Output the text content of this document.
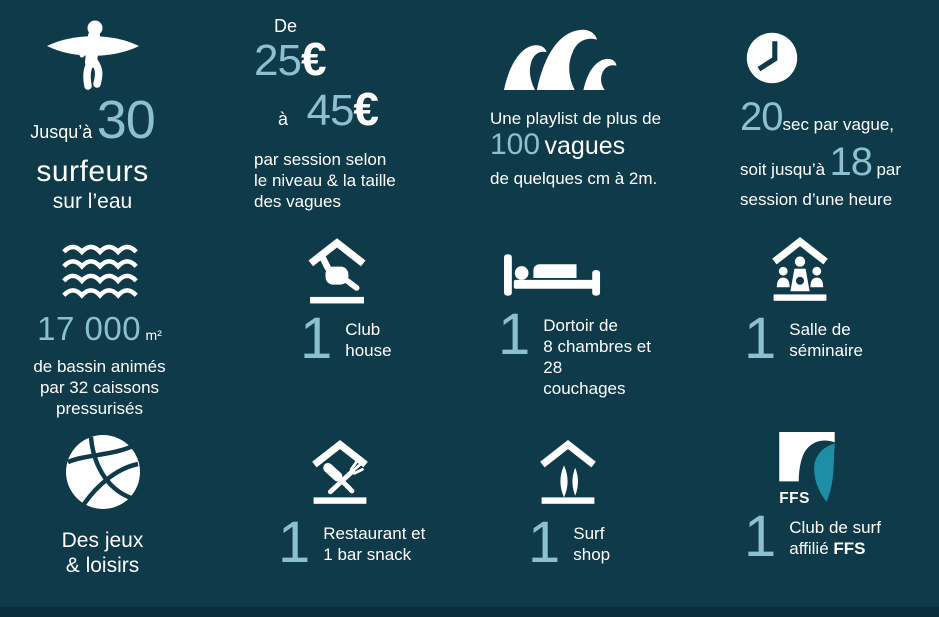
Jusqu’à 30
surfeurs
sur l’eau
De
25€
à 45€
par session selon
le niveau & la taille
des vagues
Une playlist de plus de
100 vagues
de quelques cm à 2m.
20sec par vague,
soit jusqu’à 18 par
session d’une heure
17 000 m²
de bassin animés
par 32 caissons
pressurisés
1 Club
house 1 Dortoir de
8 chambres et 28
couchages
1 Salle de
séminaire
Des jeux
& loisirs	1 Restaurant et
1 bar snack 1 Surf
shop
FFS
1 Club de surf
affilié FFS
